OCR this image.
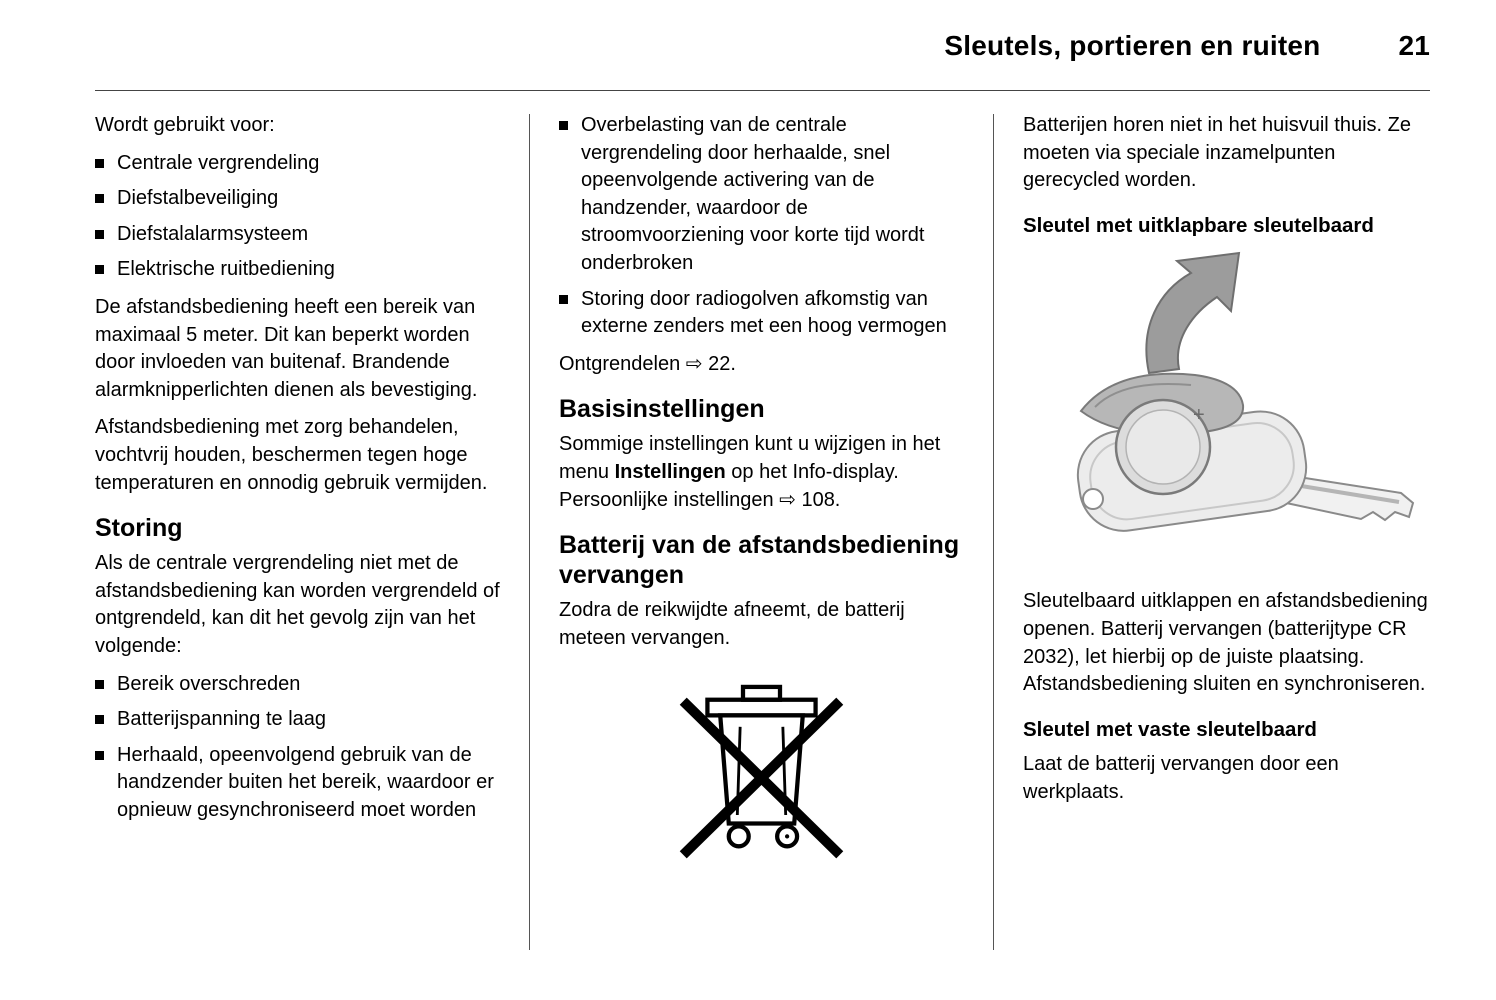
Sleutels, portieren en ruiten	21

Wordt gebruikt voor:

Centrale vergrendeling
Diefstalbeveiliging
Diefstalalarmsysteem
Elektrische ruitbediening

De afstandsbediening heeft een bereik van maximaal 5 meter. Dit kan beperkt worden door invloeden van buitenaf. Brandende alarmknipperlichten dienen als bevestiging.

Afstandsbediening met zorg behandelen, vochtvrij houden, beschermen tegen hoge temperaturen en onnodig gebruik vermijden.

Storing

Als de centrale vergrendeling niet met de afstandsbediening kan worden vergrendeld of ontgrendeld, kan dit het gevolg zijn van het volgende:

Bereik overschreden
Batterijspanning te laag
Herhaald, opeenvolgend gebruik van de handzender buiten het bereik, waardoor er opnieuw gesynchroniseerd moet worden
Overbelasting van de centrale vergrendeling door herhaalde, snel opeenvolgende activering van de handzender, waardoor de stroomvoorziening voor korte tijd wordt onderbroken
Storing door radiogolven afkomstig van externe zenders met een hoog vermogen

Ontgrendelen ⇨ 22.

Basisinstellingen

Sommige instellingen kunt u wijzigen in het menu Instellingen op het Info-display. Persoonlijke instellingen ⇨ 108.

Batterij van de afstandsbediening vervangen

Zodra de reikwijdte afneemt, de batterij meteen vervangen.

Batterijen horen niet in het huisvuil thuis. Ze moeten via speciale inzamelpunten gerecycled worden.

Sleutel met uitklapbare sleutelbaard
+

Sleutelbaard uitklappen en afstandsbediening openen. Batterij vervangen (batterijtype CR 2032), let hierbij op de juiste plaatsing. Afstandsbediening sluiten en synchroniseren.

Sleutel met vaste sleutelbaard

Laat de batterij vervangen door een werkplaats.
